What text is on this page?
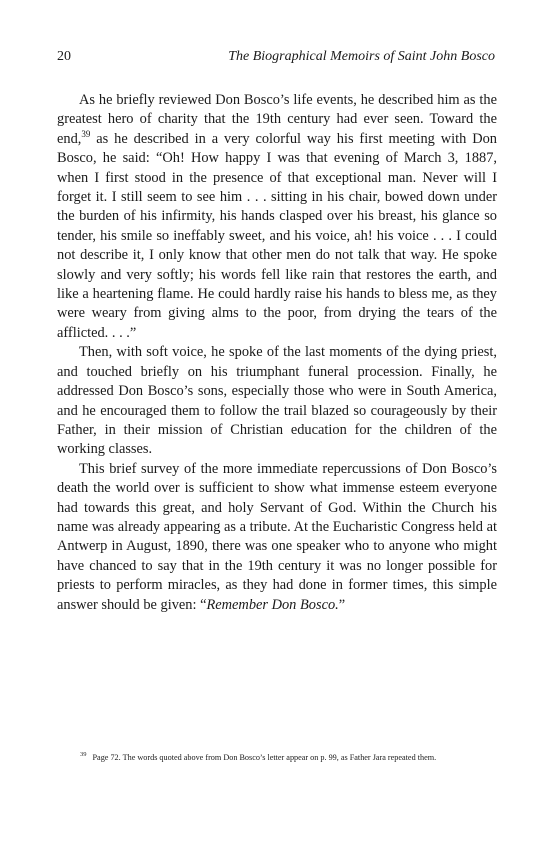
20	The Biographical Memoirs of Saint John Bosco

As he briefly reviewed Don Bosco’s life events, he described him as the greatest hero of charity that the 19th century had ever seen. Toward the end,$^{39}$ as he described in a very colorful way his first meeting with Don Bosco, he said: “Oh! How happy I was that evening of March 3, 1887, when I first stood in the presence of that exceptional man. Never will I forget it. I still seem to see him . . . sitting in his chair, bowed down under the burden of his infirmity, his hands clasped over his breast, his glance so tender, his smile so ineffably sweet, and his voice, ah! his voice . . . I could not describe it, I only know that other men do not talk that way. He spoke slowly and very softly; his words fell like rain that restores the earth, and like a heartening flame. He could hardly raise his hands to bless me, as they were weary from giving alms to the poor, from drying the tears of the afflicted. . . .”

Then, with soft voice, he spoke of the last moments of the dying priest, and touched briefly on his triumphant funeral procession. Finally, he addressed Don Bosco’s sons, especially those who were in South America, and he encouraged them to follow the trail blazed so courageously by their Father, in their mission of Christian education for the children of the working classes.

This brief survey of the more immediate repercussions of Don Bosco’s death the world over is sufficient to show what immense esteem everyone had towards this great, and holy Servant of God. Within the Church his name was already appearing as a tribute. At the Eucharistic Congress held at Antwerp in August, 1890, there was one speaker who to anyone who might have chanced to say that in the 19th century it was no longer possible for priests to perform miracles, as they had done in former times, this simple answer should be given: “Remember Don Bosco.”

$^{39}$ Page 72. The words quoted above from Don Bosco’s letter appear on p. 99, as Father Jara repeated them.
